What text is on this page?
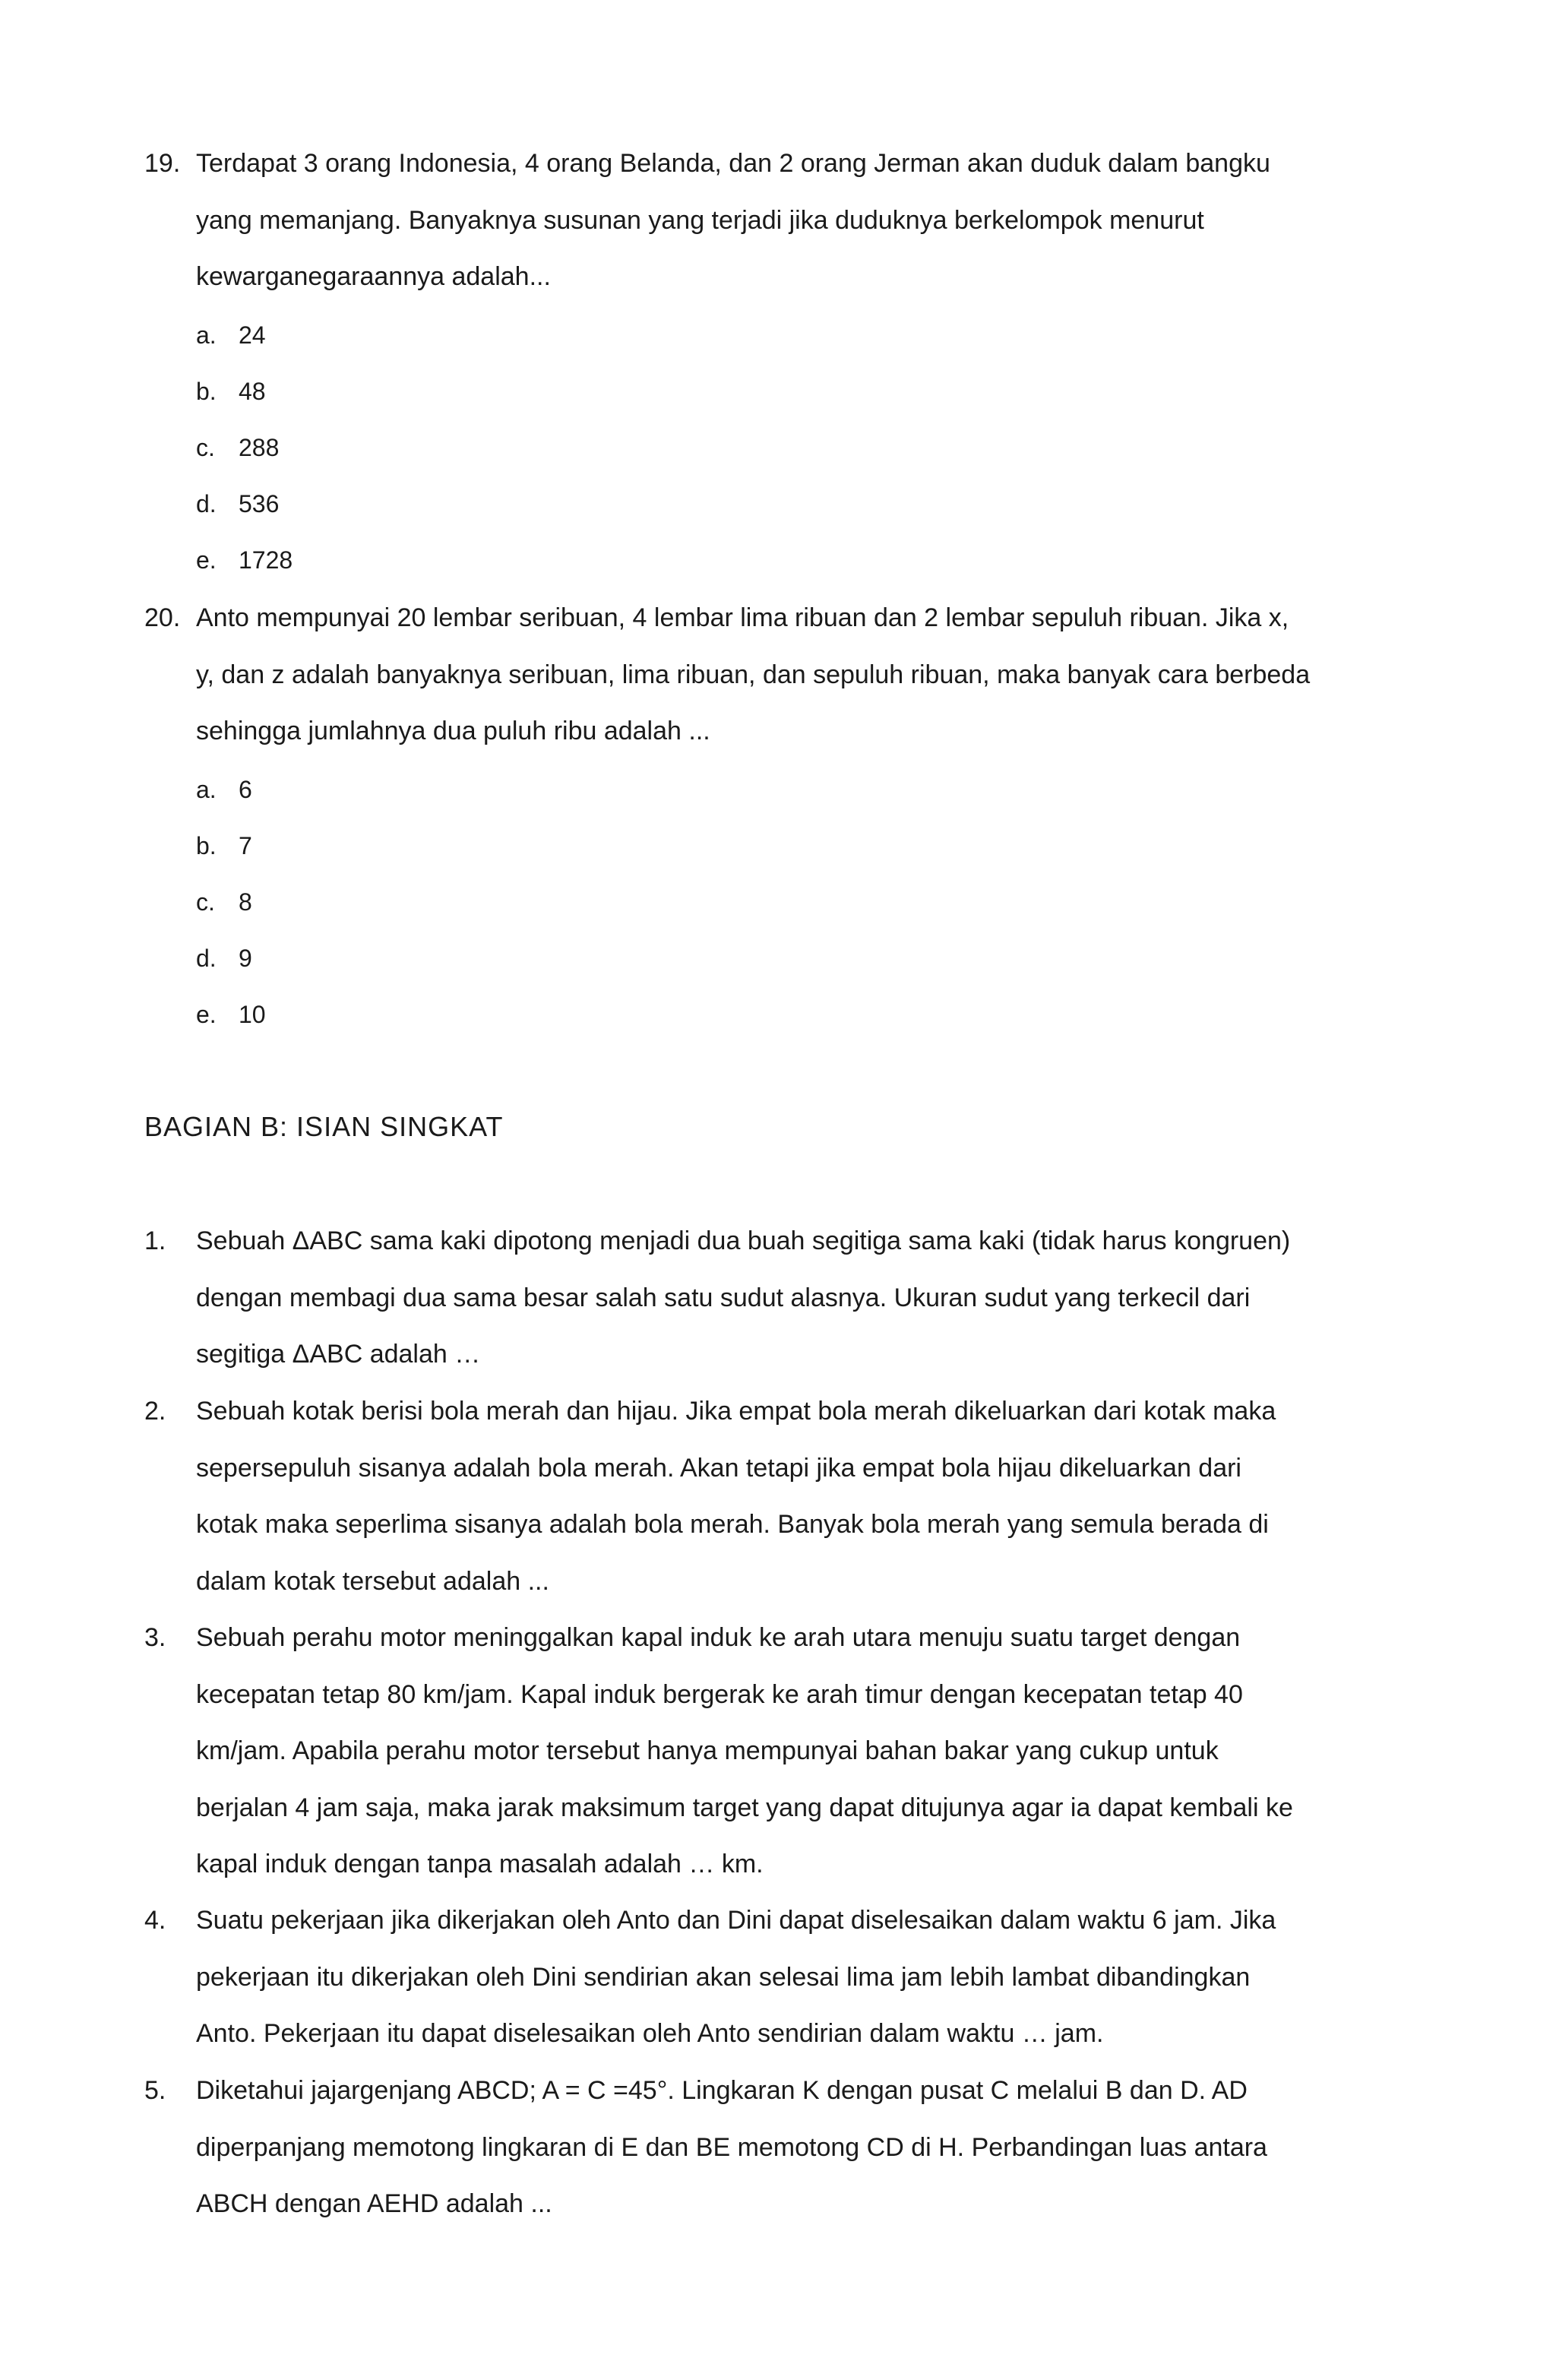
19. Terdapat 3 orang Indonesia, 4 orang Belanda, dan 2 orang Jerman akan duduk dalam bangku
yang memanjang. Banyaknya susunan yang terjadi jika duduknya berkelompok menurut
kewarganegaraannya adalah...
a. 24
b. 48
c. 288
d. 536
e. 1728
20. Anto mempunyai 20 lembar seribuan, 4 lembar lima ribuan dan 2 lembar sepuluh ribuan. Jika x,
y, dan z adalah banyaknya seribuan, lima ribuan, dan sepuluh ribuan, maka banyak cara berbeda
sehingga jumlahnya dua puluh ribu adalah ...
a. 6
b. 7
c. 8
d. 9
e. 10
BAGIAN B: ISIAN SINGKAT
1. Sebuah ΔABC sama kaki dipotong menjadi dua buah segitiga sama kaki (tidak harus kongruen)
dengan membagi dua sama besar salah satu sudut alasnya. Ukuran sudut yang terkecil dari
segitiga ΔABC adalah …
2. Sebuah kotak berisi bola merah dan hijau. Jika empat bola merah dikeluarkan dari kotak maka
sepersepuluh sisanya adalah bola merah. Akan tetapi jika empat bola hijau dikeluarkan dari
kotak maka seperlima sisanya adalah bola merah. Banyak bola merah yang semula berada di
dalam kotak tersebut adalah ...
3. Sebuah perahu motor meninggalkan kapal induk ke arah utara menuju suatu target dengan
kecepatan tetap 80 km/jam. Kapal induk bergerak ke arah timur dengan kecepatan tetap 40
km/jam. Apabila perahu motor tersebut hanya mempunyai bahan bakar yang cukup untuk
berjalan 4 jam saja, maka jarak maksimum target yang dapat ditujunya agar ia dapat kembali ke
kapal induk dengan tanpa masalah adalah … km.
4. Suatu pekerjaan jika dikerjakan oleh Anto dan Dini dapat diselesaikan dalam waktu 6 jam. Jika
pekerjaan itu dikerjakan oleh Dini sendirian akan selesai lima jam lebih lambat dibandingkan
Anto. Pekerjaan itu dapat diselesaikan oleh Anto sendirian dalam waktu … jam.
5. Diketahui jajargenjang ABCD; A = C =45°. Lingkaran K dengan pusat C melalui B dan D. AD
diperpanjang memotong lingkaran di E dan BE memotong CD di H. Perbandingan luas antara
ABCH dengan AEHD adalah ...
